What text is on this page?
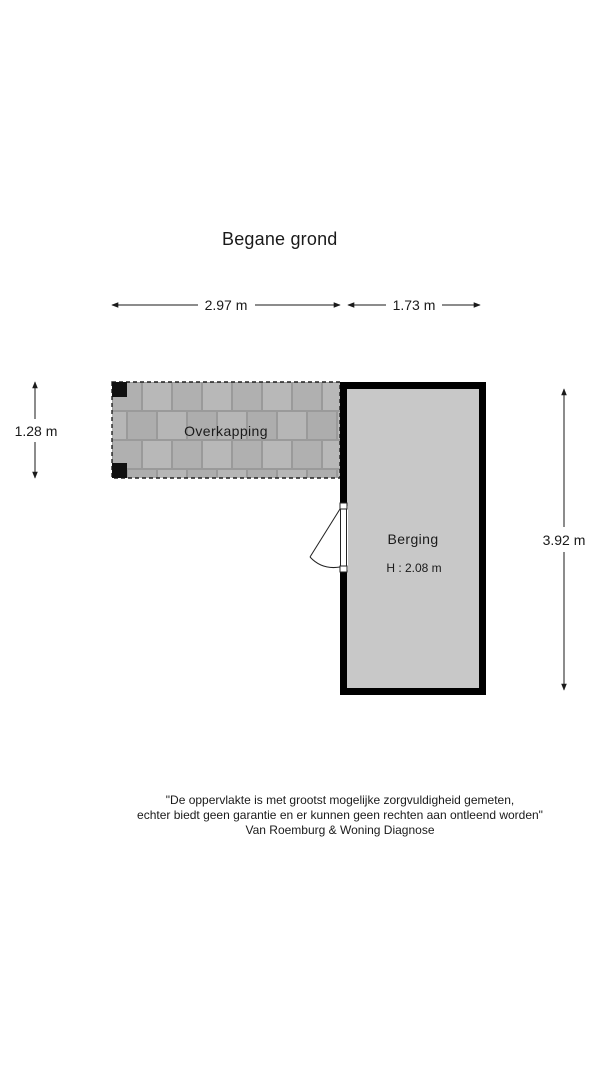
Begane grond
Overkapping
Berging
H : 2.08 m
2.97 m	1.73 m
1.28 m
3.92 m
"De oppervlakte is met grootst mogelijke zorgvuldigheid gemeten,
echter biedt geen garantie en er kunnen geen rechten aan ontleend worden"
Van Roemburg & Woning Diagnose
